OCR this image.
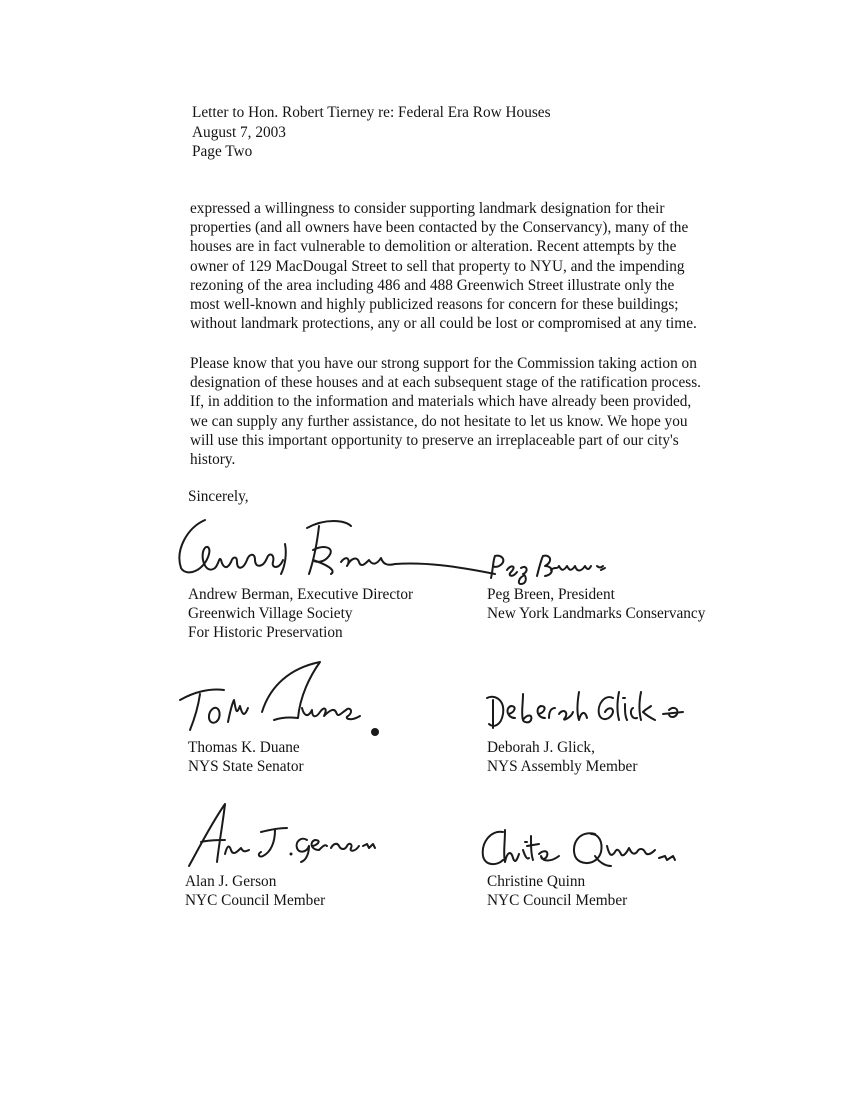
Letter to Hon. Robert Tierney re: Federal Era Row Houses
August 7, 2003
Page Two
expressed a willingness to consider supporting landmark designation for their
properties (and all owners have been contacted by the Conservancy), many of the
houses are in fact vulnerable to demolition or alteration. Recent attempts by the
owner of 129 MacDougal Street to sell that property to NYU, and the impending
rezoning of the area including 486 and 488 Greenwich Street illustrate only the
most well-known and highly publicized reasons for concern for these buildings;
without landmark protections, any or all could be lost or compromised at any time.
Please know that you have our strong support for the Commission taking action on
designation of these houses and at each subsequent stage of the ratification process.
If, in addition to the information and materials which have already been provided,
we can supply any further assistance, do not hesitate to let us know. We hope you
will use this important opportunity to preserve an irreplaceable part of our city's
history.
Sincerely,
Andrew Berman, Executive Director
Greenwich Village Society
For Historic Preservation
Peg Breen, President
New York Landmarks Conservancy
Thomas K. Duane
NYS State Senator
Deborah J. Glick,
NYS Assembly Member
Alan J. Gerson
NYC Council Member
Christine Quinn
NYC Council Member
